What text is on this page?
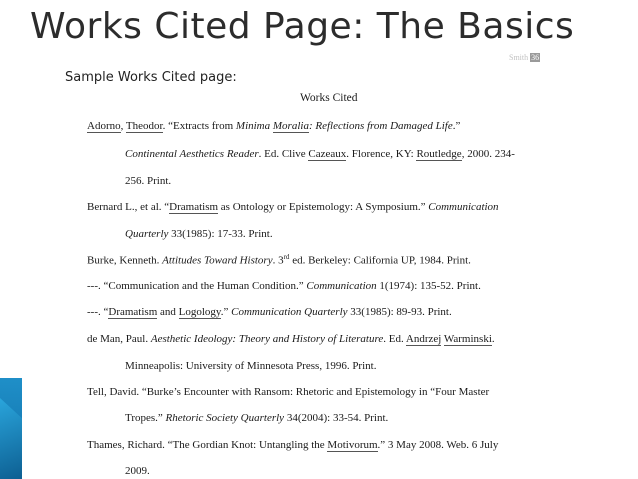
Works Cited Page: The Basics
Sample Works Cited page:
Smith 36
Works Cited
Adorno, Theodor. “Extracts from Minima Moralia: Reflections from Damaged Life.”
Continental Aesthetics Reader. Ed. Clive Cazeaux. Florence, KY: Routledge, 2000. 234-
256. Print.
Bernard L., et al. “Dramatism as Ontology or Epistemology: A Symposium.” Communication
Quarterly 33(1985): 17-33. Print.
Burke, Kenneth. Attitudes Toward History. 3rd ed. Berkeley: California UP, 1984. Print.
---. “Communication and the Human Condition.” Communication 1(1974): 135-52. Print.
---. “Dramatism and Logology.” Communication Quarterly 33(1985): 89-93. Print.
de Man, Paul. Aesthetic Ideology: Theory and History of Literature. Ed. Andrzej Warminski.
Minneapolis: University of Minnesota Press, 1996. Print.
Tell, David. “Burke’s Encounter with Ransom: Rhetoric and Epistemology in “Four Master
Tropes.” Rhetoric Society Quarterly 34(2004): 33-54. Print.
Thames, Richard. “The Gordian Knot: Untangling the Motivorum.” 3 May 2008. Web. 6 July
2009.
